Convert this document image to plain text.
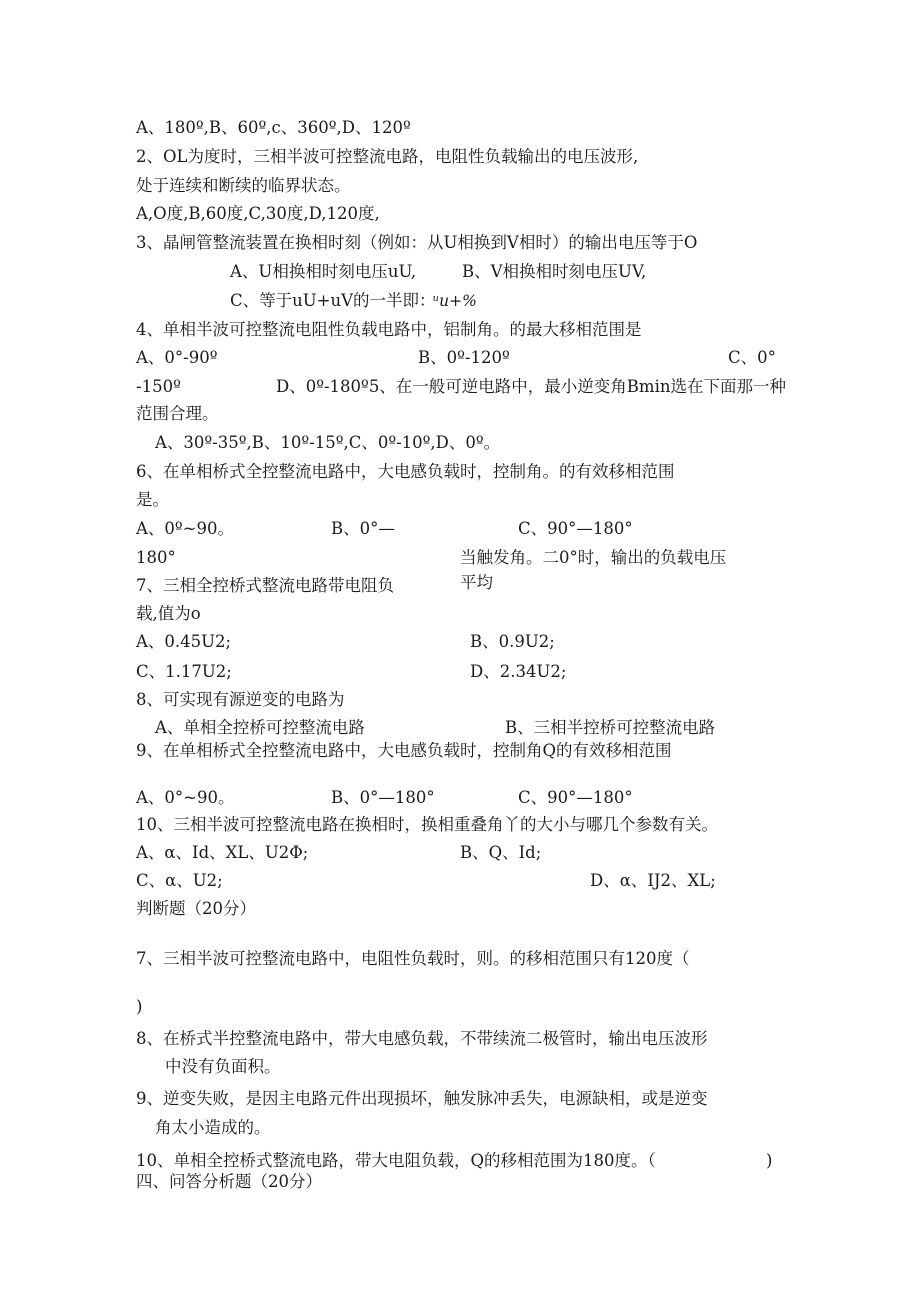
A、180º,B、60º,c、360º,D、120º
2、OL为度时，三相半波可控整流电路，电阻性负载输出的电压波形,
处于连续和断续的临界状态。
A,O度,B,60度,C,30度,D,120度,
3、晶闸管整流装置在换相时刻（例如：从U相换到V相时）的输出电压等于O
A、U相换相时刻电压uU,	B、V相换相时刻电压UV,
C、等于uU+uV的一半即：
ᵘu+%
4、单相半波可控整流电阻性负载电路中，铝制角。的最大移相范围是
A、0°-90º	B、0º-120º	C、0°
-150º	D、0º-180º5、在一般可逆电路中，最小逆变角Bmin选在下面那一种
范围合理。
A、30º-35º,B、10º-15º,C、0º-10º,D、0º。
6、在单相桥式全控整流电路中，大电感负载时，控制角。的有效移相范围
是。
A、0º~90。	B、0°—	C、90°—180°
180°	当触发角。二0°时，输出的负载电压
7、三相全控桥式整流电路带电阻负	平均
载,值为o
A、0.45U2;	B、0.9U2;
C、1.17U2;	D、2.34U2;
8、可实现有源逆变的电路为
A、单相全控桥可控整流电路	B、三相半控桥可控整流电路
9、在单相桥式全控整流电路中，大电感负载时，控制角Q的有效移相范围
A、0°~90。	B、0°—180°	C、90°—180°
10、三相半波可控整流电路在换相时，换相重叠角丫的大小与哪几个参数有关。
A、α、Id、XL、U2Φ;	B、Q、Id;
C、α、U2;	D、α、IJ2、XL;
判断题（20分）
7、三相半波可控整流电路中，电阻性负载时，则。的移相范围只有120度（
)
8、在桥式半控整流电路中，带大电感负载，不带续流二极管时，输出电压波形
中没有负面积。
9、逆变失败，是因主电路元件出现损坏，触发脉冲丢失，电源缺相，或是逆变
角太小造成的。
10、单相全控桥式整流电路，带大电阻负载，Q的移相范围为180度。（	)
四、问答分析题（20分）
